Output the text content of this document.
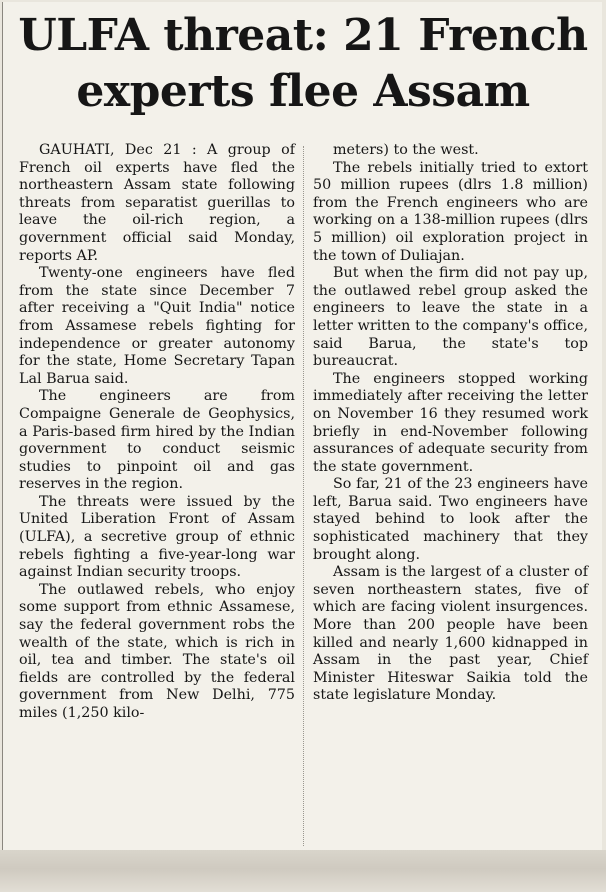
ULFA threat: 21 French
experts flee Assam

GAUHATI, Dec 21 : A group of French oil experts have fled the northeastern Assam state following threats from separatist guerillas to leave the oil-rich region, a government official said Monday, reports AP.

Twenty-one engineers have fled from the state since December 7 after receiving a "Quit India" notice from Assamese rebels fighting for independence or greater autonomy for the state, Home Secretary Tapan Lal Barua said.

The engineers are from Compaigne Generale de Geophysics, a Paris-based firm hired by the Indian government to conduct seismic studies to pinpoint oil and gas reserves in the region.

The threats were issued by the United Liberation Front of Assam (ULFA), a secretive group of ethnic rebels fighting a five-year-long war against Indian security troops.

The outlawed rebels, who enjoy some support from ethnic Assamese, say the federal government robs the wealth of the state, which is rich in oil, tea and timber. The state's oil fields are controlled by the federal government from New Delhi, 775 miles (1,250 kilo-

meters) to the west.

The rebels initially tried to extort 50 million rupees (dlrs 1.8 million) from the French engineers who are working on a 138-million rupees (dlrs 5 million) oil exploration project in the town of Duliajan.

But when the firm did not pay up, the outlawed rebel group asked the engineers to leave the state in a letter written to the company's office, said Barua, the state's top bureaucrat.

The engineers stopped working immediately after receiving the letter on November 16 they resumed work briefly in end-November following assurances of adequate security from the state government.

So far, 21 of the 23 engineers have left, Barua said. Two engineers have stayed behind to look after the sophisticated machinery that they brought along.

Assam is the largest of a cluster of seven northeastern states, five of which are facing violent insurgences. More than 200 people have been killed and nearly 1,600 kidnapped in Assam in the past year, Chief Minister Hiteswar Saikia told the state legislature Monday.
